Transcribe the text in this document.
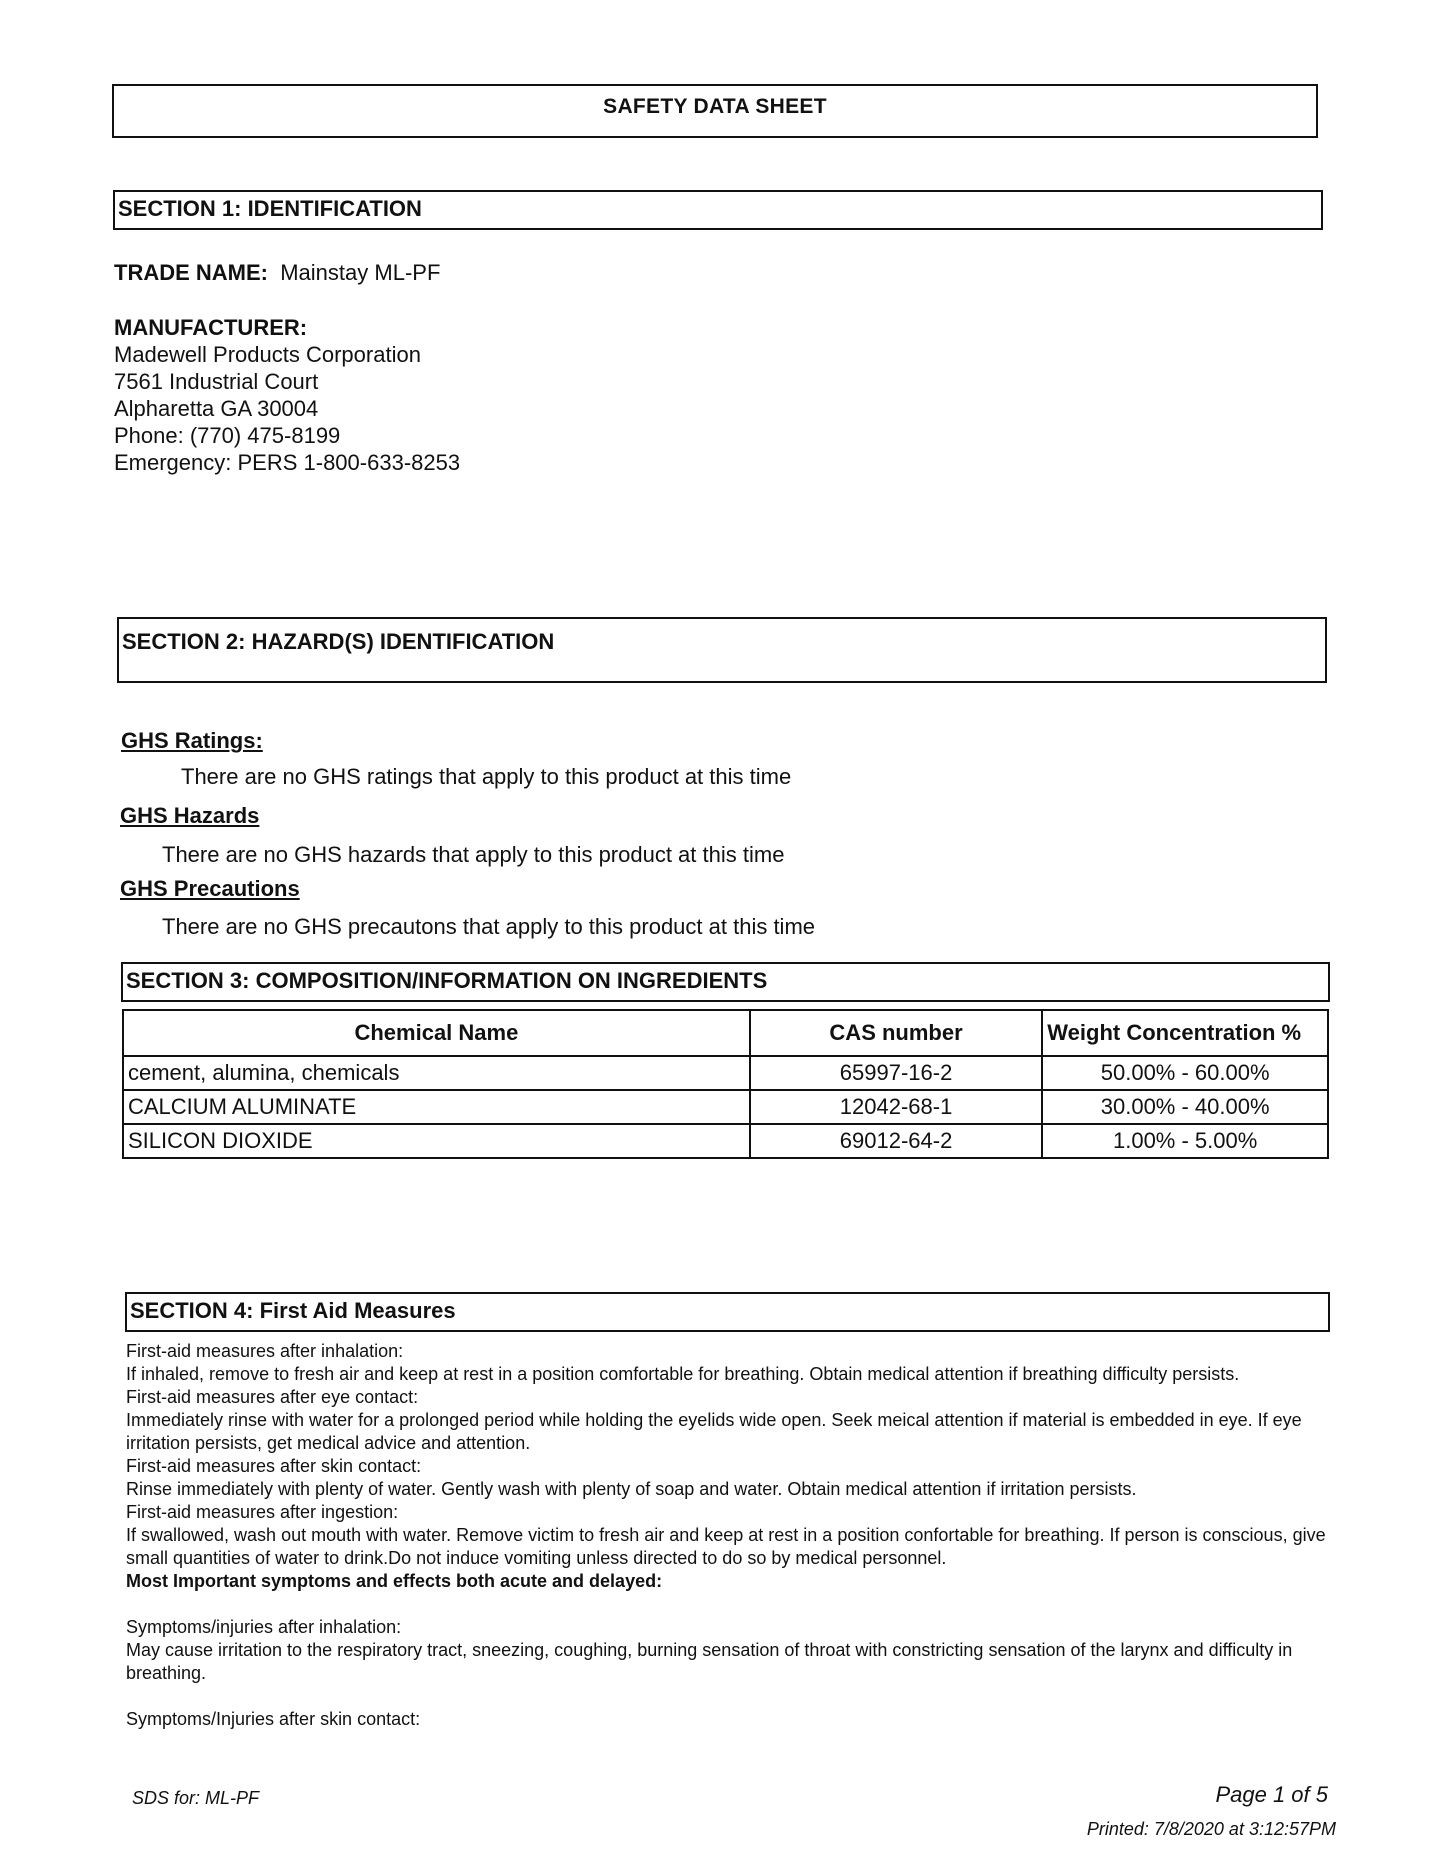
SAFETY DATA SHEET
SECTION 1: IDENTIFICATION
TRADE NAME: Mainstay ML-PF
MANUFACTURER:
Madewell Products Corporation
7561 Industrial Court
Alpharetta GA 30004
Phone: (770) 475-8199
Emergency: PERS 1-800-633-8253
SECTION 2: HAZARD(S) IDENTIFICATION
GHS Ratings:
There are no GHS ratings that apply to this product at this time
GHS Hazards
There are no GHS hazards that apply to this product at this time
GHS Precautions
There are no GHS precautons that apply to this product at this time
SECTION 3: COMPOSITION/INFORMATION ON INGREDIENTS
Chemical Name	CAS number	Weight Concentration %
cement, alumina, chemicals	65997-16-2	50.00% - 60.00%
CALCIUM ALUMINATE	12042-68-1	30.00% - 40.00%
SILICON DIOXIDE	69012-64-2	1.00% - 5.00%
SECTION 4: First Aid Measures

First-aid measures after inhalation:

If inhaled, remove to fresh air and keep at rest in a position comfortable for breathing. Obtain medical attention if breathing difficulty persists.

First-aid measures after eye contact:

Immediately rinse with water for a prolonged period while holding the eyelids wide open. Seek meical attention if material is embedded in eye. If eye irritation persists, get medical advice and attention.

First-aid measures after skin contact:

Rinse immediately with plenty of water. Gently wash with plenty of soap and water. Obtain medical attention if irritation persists.

First-aid measures after ingestion:

If swallowed, wash out mouth with water. Remove victim to fresh air and keep at rest in a position confortable for breathing. If person is conscious, give small quantities of water to drink.Do not induce vomiting unless directed to do so by medical personnel.

Most Important symptoms and effects both acute and delayed:

Symptoms/injuries after inhalation:

May cause irritation to the respiratory tract, sneezing, coughing, burning sensation of throat with constricting sensation of the larynx and difficulty in breathing.

Symptoms/Injuries after skin contact:

SDS for: ML-PF	Page 1 of 5
Printed: 7/8/2020 at 3:12:57PM
